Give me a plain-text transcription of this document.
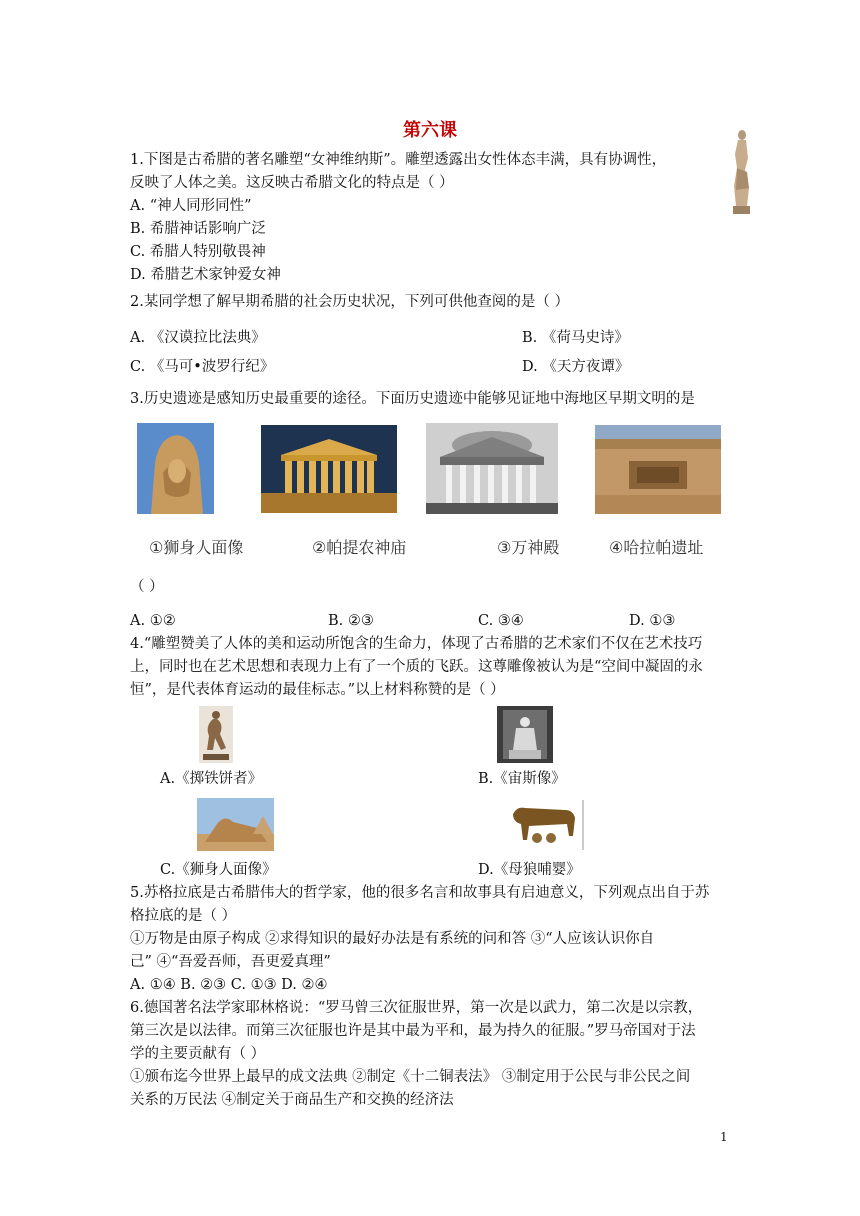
第六课
1.下图是古希腊的著名雕塑“女神维纳斯”。雕塑透露出女性体态丰满，具有协调性，
反映了人体之美。这反映古希腊文化的特点是（ ）
A. “神人同形同性”
B. 希腊神话影响广泛
C. 希腊人特别敬畏神
D. 希腊艺术家钟爱女神
2.某同学想了解早期希腊的社会历史状况，下列可供他查阅的是（ ）
A. 《汉谟拉比法典》	B. 《荷马史诗》
C. 《马可•波罗行纪》	D. 《天方夜谭》
3.历史遗迹是感知历史最重要的途径。下面历史遗迹中能够见证地中海地区早期文明的是
①狮身人面像	②帕提农神庙	③万神殿	④哈拉帕遗址
（ ）
A. ①②	B. ②③	C. ③④	D. ①③
4.“雕塑赞美了人体的美和运动所饱含的生命力，体现了古希腊的艺术家们不仅在艺术技巧
上，同时也在艺术思想和表现力上有了一个质的飞跃。这尊雕像被认为是“空间中凝固的永
恒”，是代表体育运动的最佳标志。”以上材料称赞的是（ ）
A.《掷铁饼者》	B.《宙斯像》
C.《狮身人面像》	D.《母狼哺婴》
5.苏格拉底是古希腊伟大的哲学家，他的很多名言和故事具有启迪意义，下列观点出自于苏
格拉底的是（ ）
①万物是由原子构成 ②求得知识的最好办法是有系统的问和答 ③“人应该认识你自
己” ④“吾爱吾师，吾更爱真理”
A. ①④ B. ②③ C. ①③ D. ②④
6.德国著名法学家耶林格说：“罗马曾三次征服世界，第一次是以武力，第二次是以宗教，
第三次是以法律。而第三次征服也许是其中最为平和，最为持久的征服。”罗马帝国对于法
学的主要贡献有（ ）
①颁布迄今世界上最早的成文法典 ②制定《十二铜表法》 ③制定用于公民与非公民之间
关系的万民法 ④制定关于商品生产和交换的经济法
1
